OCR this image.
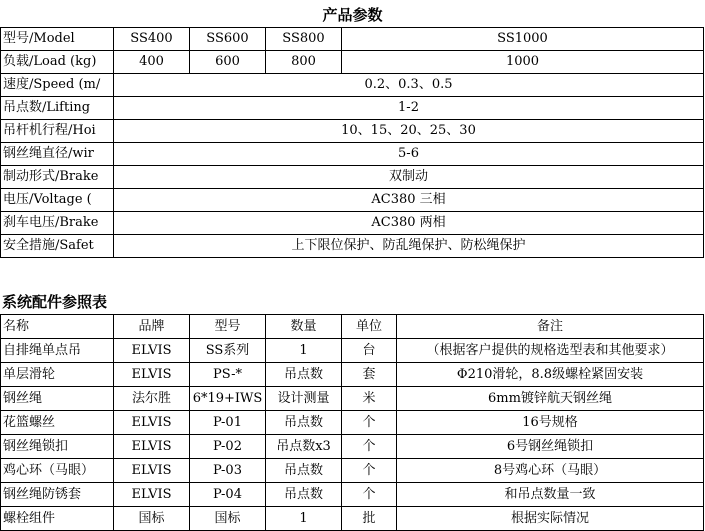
产品参数
型号/Model	SS400	SS600	SS800	SS1000
负载/Load (kg)	400	600	800	1000
速度/Speed (m/	0.2、0.3、0.5			
吊点数/Lifting	1-2			
吊杆机行程/Hoi	10、15、20、25、30			
钢丝绳直径/wir	5-6			
制动形式/Brake	双制动			
电压/Voltage (	AC380 三相			
刹车电压/Brake	AC380 两相			
安全措施/Safet	上下限位保护、防乱绳保护、防松绳保护			
系统配件参照表
名称	品牌	型号	数量	单位	备注
自排绳单点吊	ELVIS	SS系列	1	台	（根据客户提供的规格选型表和其他要求）
单层滑轮	ELVIS	PS-*	吊点数	套	Φ210滑轮，8.8级螺栓紧固安装
钢丝绳	法尔胜	6*19+IWS	设计测量	米	6mm镀锌航天钢丝绳
花篮螺丝	ELVIS	P-01	吊点数	个	16号规格
钢丝绳锁扣	ELVIS	P-02	吊点数x3	个	6号钢丝绳锁扣
鸡心环（马眼）	ELVIS	P-03	吊点数	个	8号鸡心环（马眼）
钢丝绳防锈套	ELVIS	P-04	吊点数	个	和吊点数量一致
螺栓组件	国标	国标	1	批	根据实际情况
